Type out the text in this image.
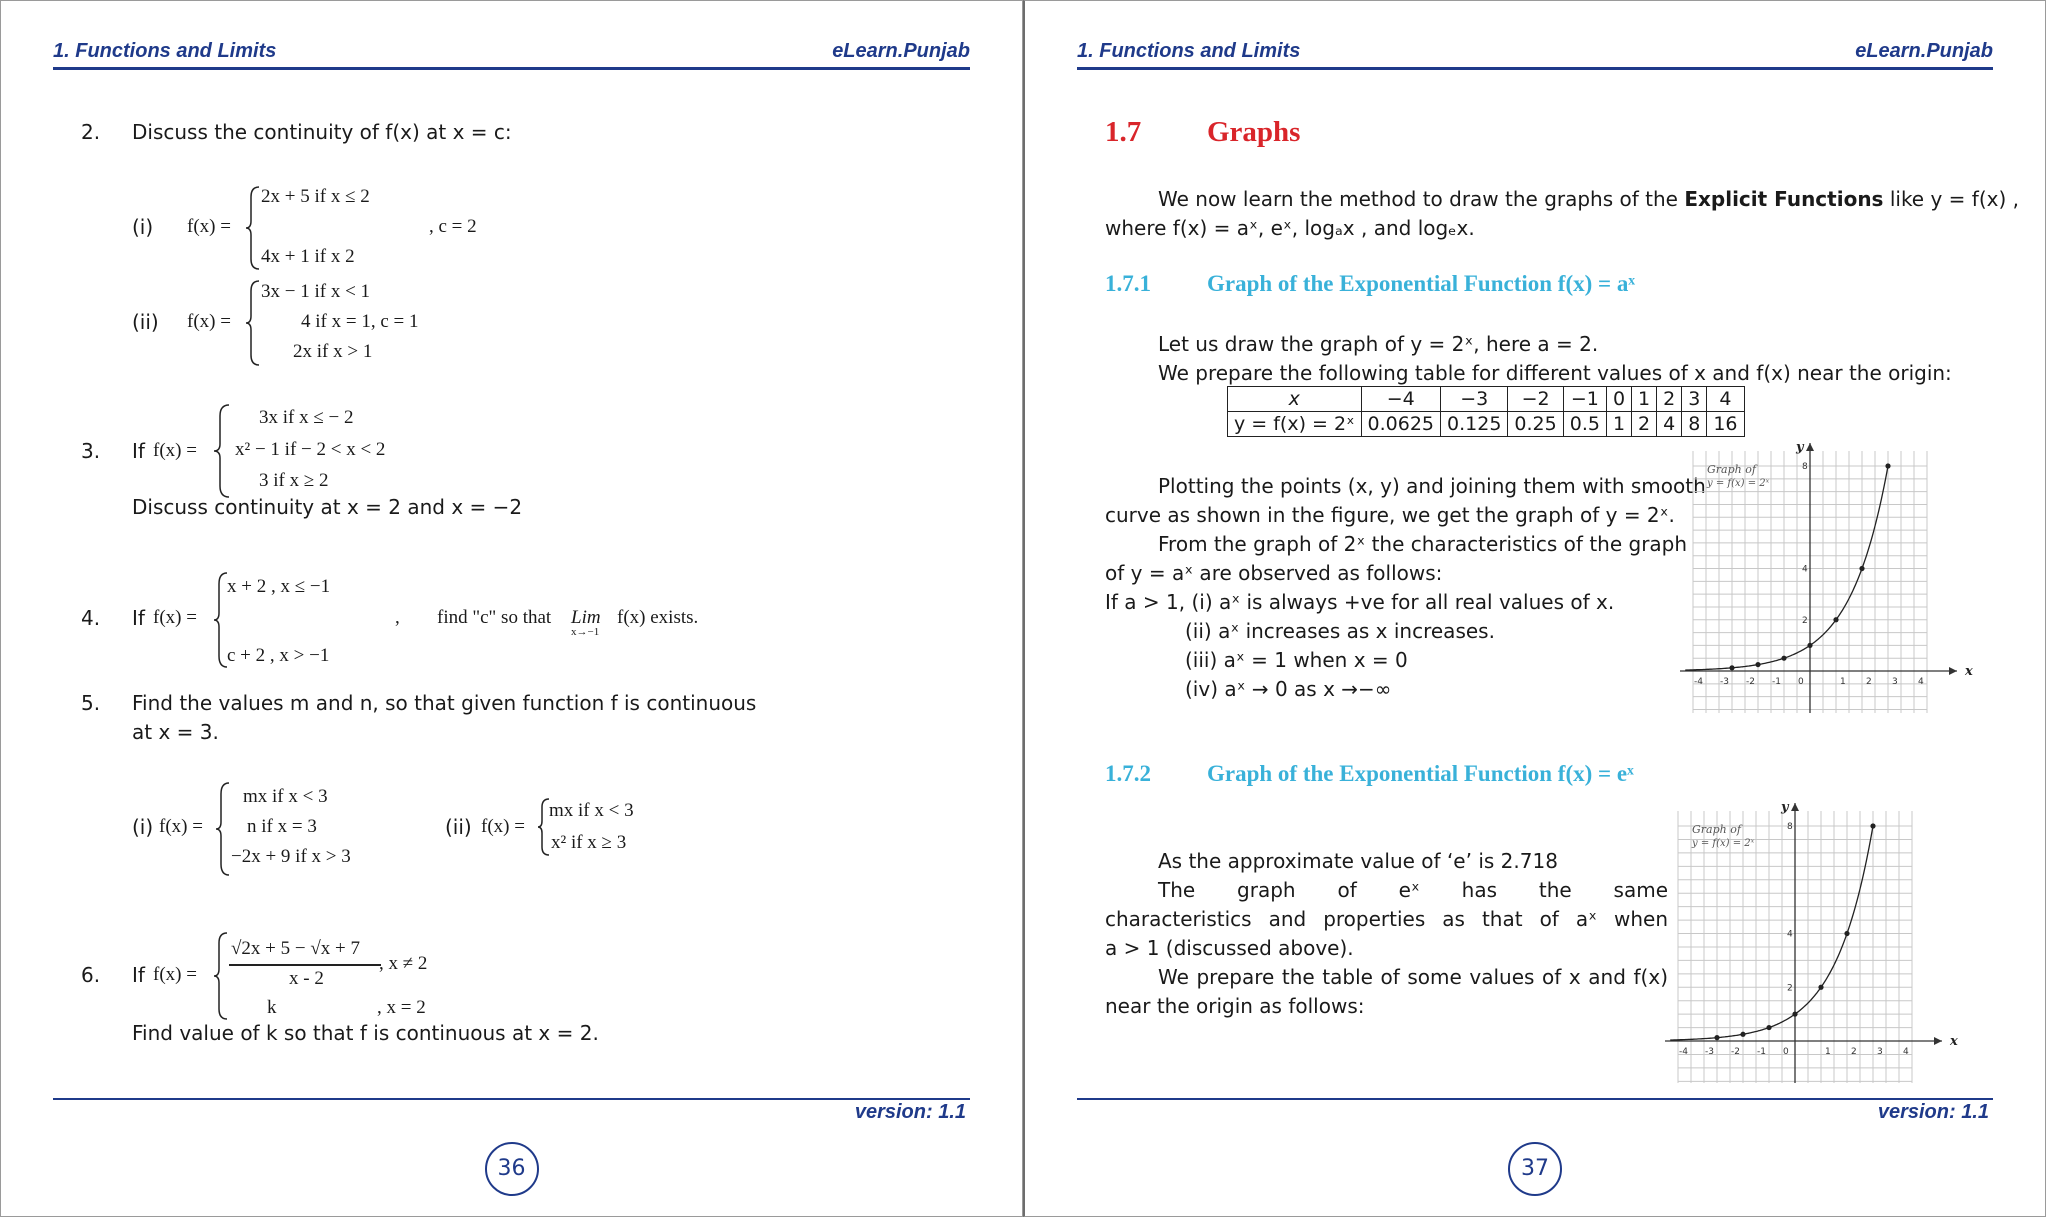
1. Functions and Limits	eLearn.Punjab
2. Discuss the continuity of f(x) at x = c:
(i) f(x) =
2x + 5 if x ≤ 2
4x + 1 if x 2
, c = 2
(ii) f(x) =
3x − 1 if x < 1
4 if x = 1, c = 1
2x if x > 1
3. If f(x) =
3x if x ≤ − 2
x² − 1 if − 2 < x < 2
3 if x ≥ 2
Discuss continuity at x = 2 and x = −2
4. If f(x) =
x + 2 , x ≤ −1
c + 2 , x > −1
, find "c" so that Lim
x→−1
f(x) exists.
5. Find the values m and n, so that given function f is continuous
at x = 3.
(i) f(x) =
mx if x < 3
n if x = 3
−2x + 9 if x > 3
(ii) f(x) =
mx if x < 3
x² if x ≥ 3
6. If f(x) =
√2x + 5 − √x + 7
x - 2
, x ≠ 2
k	, x = 2
Find value of k so that f is continuous at x = 2.
version: 1.1
36
1. Functions and Limits	eLearn.Punjab
1.7 Graphs
We now learn the method to draw the graphs of the Explicit Functions like y = f(x) ,
where f(x) = aˣ, eˣ, logₐx , and logₑx.
1.7.1 Graph of the Exponential Function f(x) = aˣ
Let us draw the graph of y = 2ˣ, here a = 2.
We prepare the following table for different values of x and f(x) near the origin:
x	−4	−3	−2	−1	0	1	2	3	4
y = f(x) = 2ˣ	0.0625	0.125	0.25	0.5	1	2	4	8	16
Plotting the points (x, y) and joining them with smooth
curve as shown in the figure, we get the graph of y = 2ˣ.
From the graph of 2ˣ the characteristics of the graph
of y = aˣ are observed as follows:
If a > 1, (i) aˣ is always +ve for all real values of x.
(ii) aˣ increases as x increases.
(iii) aˣ = 1 when x = 0
(iv) aˣ → 0 as x →−∞	-4 -3 -2 -1 0	1 2 3 4
2
4
8
y
x
Graph of
y = f(x) = 2ˣ
1.7.2 Graph of the Exponential Function f(x) = eˣ
As the approximate value of ‘e’ is 2.718
The graph of eˣ has the same
characteristics and properties as that of aˣ when
a > 1 (discussed above).
We prepare the table of some values of x and f(x)
near the origin as follows:
-4 -3 -2 -1 0	1 2 3 4
2
4
8
y
x
Graph of
y = f(x) = 2ˣ
version: 1.1
37
